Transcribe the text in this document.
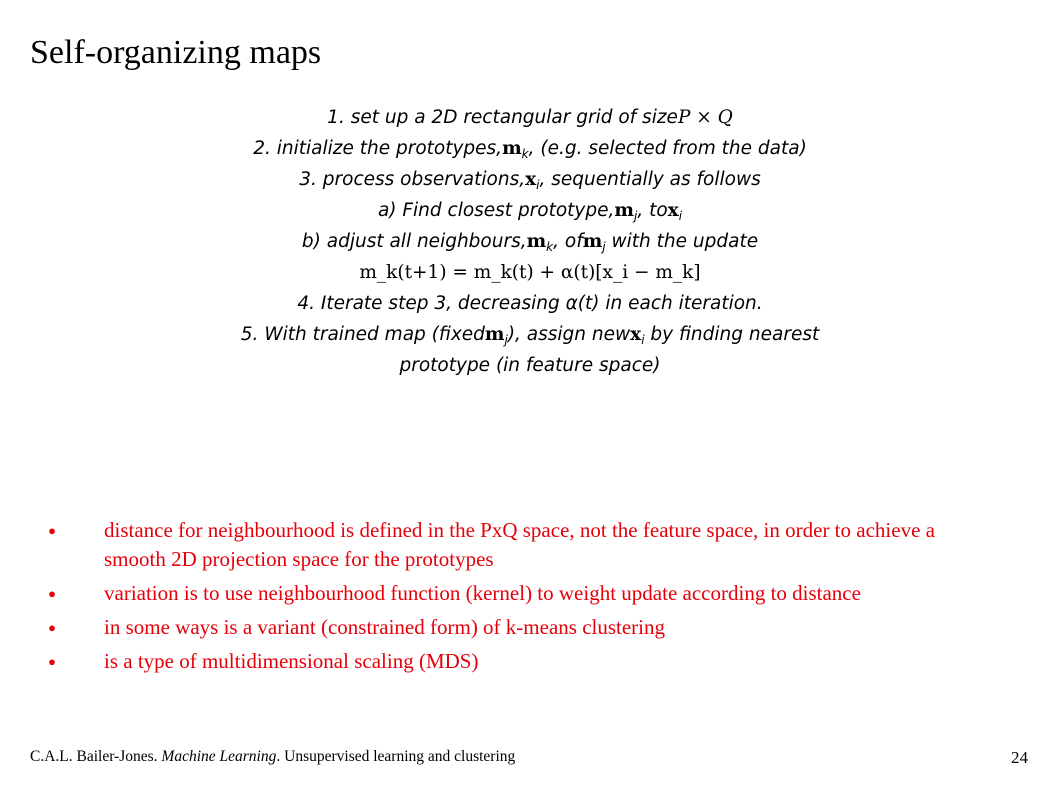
Self-organizing maps
1. set up a 2D rectangular grid of sizeP × Q
2. initialize the $prototypes,m_k$, (e.g. selected from the data)
3. process $observations,x_i$, sequentially as follows
a) Find closest $prototype,m_j$, tox$_i$
b) adjust all $neighbours,m_k$, ofm$_j$ with the update
m_k(t+1) = m_k(t) + α(t)[x_i − m_k]
4. Iterate step 3, decreasing α(t) in each iteration.
5. With trained map (fixedm$_j$), assign newx$_i$ by finding nearest
prototype (in feature space)
●	distance for neighbourhood is defined in the PxQ space, not the feature space, in order to achieve a smooth 2D projection space for the prototypes
●	variation is to use neighbourhood function (kernel) to weight update according to distance
●	in some ways is a variant (constrained form) of k-means clustering
●	is a type of multidimensional scaling (MDS)
C.A.L. Bailer-Jones. Machine Learning. Unsupervised learning and clustering	24
